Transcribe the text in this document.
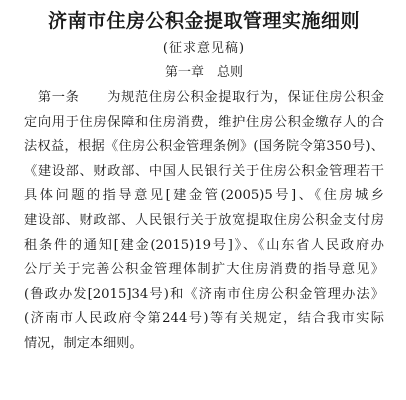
济南市住房公积金提取管理实施细则
(征求意见稿)
第一章　总则
　第一条　　为规范住房公积金提取行为，保证住房公积金
定向用于住房保障和住房消费，维护住房公积金缴存人的合
法权益，根据《住房公积金管理条例》(国务院令第350号)、
《建设部、财政部、中国人民银行关于住房公积金管理若干
具体问题的指导意见[建金管(2005)5号]、《住房城乡
建设部、财政部、人民银行关于放宽提取住房公积金支付房
租条件的通知[建金(2015)19号]》、《山东省人民政府办
公厅关于完善公积金管理体制扩大住房消费的指导意见》
(鲁政办发[2015]34号)和《济南市住房公积金管理办法》
(济南市人民政府令第244号)等有关规定，结合我市实际
情况，制定本细则。
